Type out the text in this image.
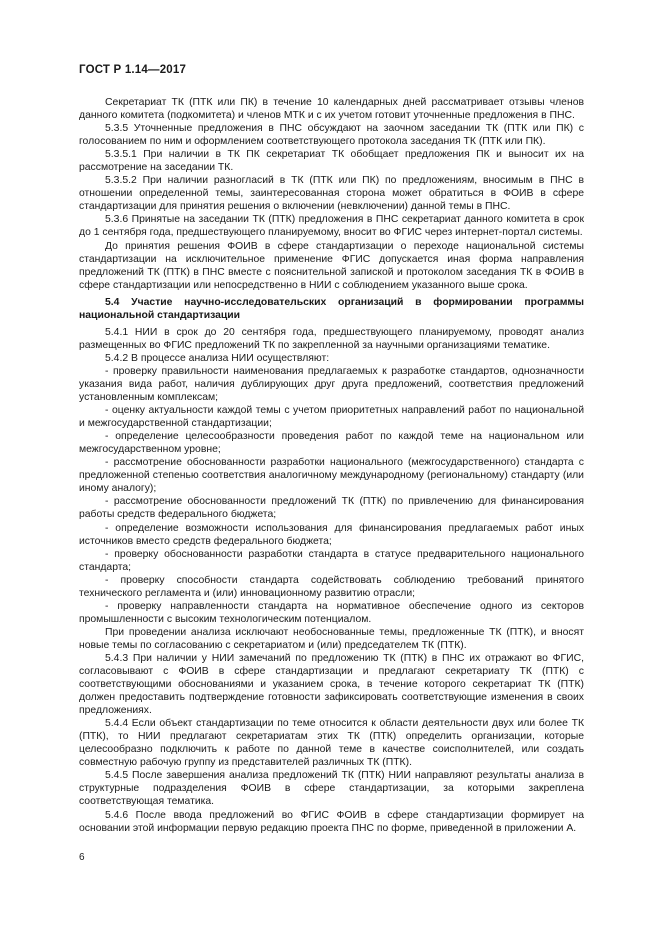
ГОСТ Р 1.14—2017

Секретариат ТК (ПТК или ПК) в течение 10 календарных дней рассматривает отзывы членов данного комитета (подкомитета) и членов МТК и с их учетом готовит уточненные предложения в ПНС.

5.3.5 Уточненные предложения в ПНС обсуждают на заочном заседании ТК (ПТК или ПК) с голосованием по ним и оформлением соответствующего протокола заседания ТК (ПТК или ПК).

5.3.5.1 При наличии в ТК ПК секретариат ТК обобщает предложения ПК и выносит их на рассмотрение на заседании ТК.

5.3.5.2 При наличии разногласий в ТК (ПТК или ПК) по предложениям, вносимым в ПНС в отношении определенной темы, заинтересованная сторона может обратиться в ФОИВ в сфере стандартизации для принятия решения о включении (невключении) данной темы в ПНС.

5.3.6 Принятые на заседании ТК (ПТК) предложения в ПНС секретариат данного комитета в срок до 1 сентября года, предшествующего планируемому, вносит во ФГИС через интернет-портал системы.

До принятия решения ФОИВ в сфере стандартизации о переходе национальной системы стандартизации на исключительное применение ФГИС допускается иная форма направления предложений ТК (ПТК) в ПНС вместе с пояснительной запиской и протоколом заседания ТК в ФОИВ в сфере стандартизации или непосредственно в НИИ с соблюдением указанного выше срока.

5.4 Участие научно-исследовательских организаций в формировании программы национальной стандартизации

5.4.1 НИИ в срок до 20 сентября года, предшествующего планируемому, проводят анализ размещенных во ФГИС предложений ТК по закрепленной за научными организациями тематике.

5.4.2 В процессе анализа НИИ осуществляют:

- проверку правильности наименования предлагаемых к разработке стандартов, однозначности указания вида работ, наличия дублирующих друг друга предложений, соответствия предложений установленным комплексам;

- оценку актуальности каждой темы с учетом приоритетных направлений работ по национальной и межгосударственной стандартизации;

- определение целесообразности проведения работ по каждой теме на национальном или межгосударственном уровне;

- рассмотрение обоснованности разработки национального (межгосударственного) стандарта с предложенной степенью соответствия аналогичному международному (региональному) стандарту (или иному аналогу);

- рассмотрение обоснованности предложений ТК (ПТК) по привлечению для финансирования работы средств федерального бюджета;

- определение возможности использования для финансирования предлагаемых работ иных источников вместо средств федерального бюджета;

- проверку обоснованности разработки стандарта в статусе предварительного национального стандарта;

- проверку способности стандарта содействовать соблюдению требований принятого технического регламента и (или) инновационному развитию отрасли;

- проверку направленности стандарта на нормативное обеспечение одного из секторов промышленности с высоким технологическим потенциалом.

При проведении анализа исключают необоснованные темы, предложенные ТК (ПТК), и вносят новые темы по согласованию с секретариатом и (или) председателем ТК (ПТК).

5.4.3 При наличии у НИИ замечаний по предложению ТК (ПТК) в ПНС их отражают во ФГИС, согласовывают с ФОИВ в сфере стандартизации и предлагают секретариату ТК (ПТК) с соответствующими обоснованиями и указанием срока, в течение которого секретариат ТК (ПТК) должен предоставить подтверждение готовности зафиксировать соответствующие изменения в своих предложениях.

5.4.4 Если объект стандартизации по теме относится к области деятельности двух или более ТК (ПТК), то НИИ предлагают секретариатам этих ТК (ПТК) определить организации, которые целесообразно подключить к работе по данной теме в качестве соисполнителей, или создать совместную рабочую группу из представителей различных ТК (ПТК).

5.4.5 После завершения анализа предложений ТК (ПТК) НИИ направляют результаты анализа в структурные подразделения ФОИВ в сфере стандартизации, за которыми закреплена соответствующая тематика.

5.4.6 После ввода предложений во ФГИС ФОИВ в сфере стандартизации формирует на основании этой информации первую редакцию проекта ПНС по форме, приведенной в приложении А.

6
